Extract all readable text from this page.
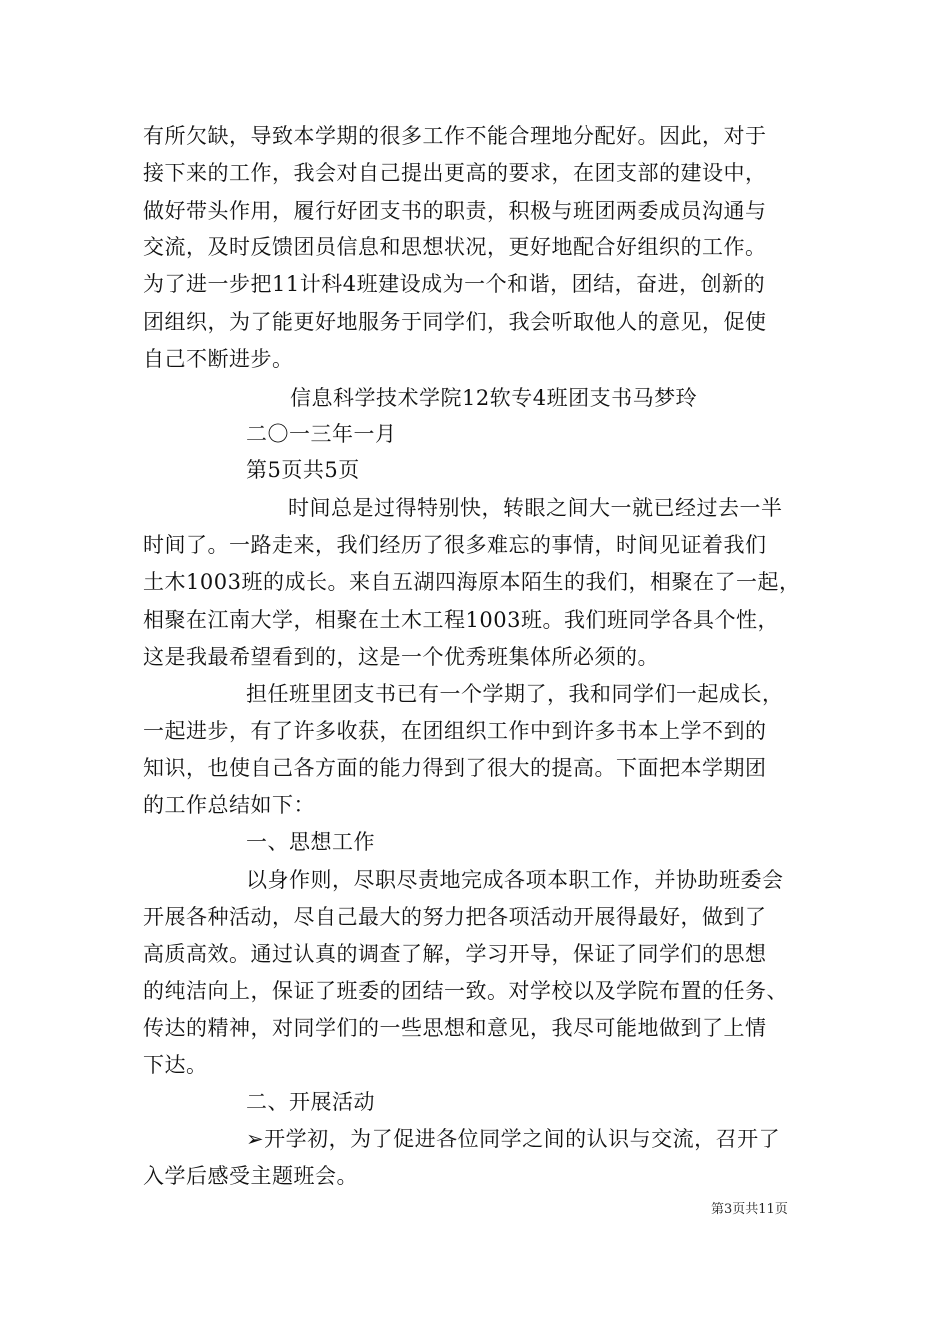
有所欠缺，导致本学期的很多工作不能合理地分配好。因此，对于
接下来的工作，我会对自己提出更高的要求，在团支部的建设中，
做好带头作用，履行好团支书的职责，积极与班团两委成员沟通与
交流，及时反馈团员信息和思想状况，更好地配合好组织的工作。
为了进一步把11计科4班建设成为一个和谐，团结，奋进，创新的
团组织，为了能更好地服务于同学们，我会听取他人的意见，促使
自己不断进步。
信息科学技术学院12软专4班团支书马梦玲
二〇一三年一月
第5页共5页
时间总是过得特别快，转眼之间大一就已经过去一半
时间了。一路走来，我们经历了很多难忘的事情，时间见证着我们
土木1003班的成长。来自五湖四海原本陌生的我们，相聚在了一起，
相聚在江南大学，相聚在土木工程1003班。我们班同学各具个性，
这是我最希望看到的，这是一个优秀班集体所必须的。
担任班里团支书已有一个学期了，我和同学们一起成长，
一起进步，有了许多收获，在团组织工作中到许多书本上学不到的
知识，也使自己各方面的能力得到了很大的提高。下面把本学期团
的工作总结如下：
一、思想工作
以身作则，尽职尽责地完成各项本职工作，并协助班委会
开展各种活动，尽自己最大的努力把各项活动开展得最好，做到了
高质高效。通过认真的调查了解，学习开导，保证了同学们的思想
的纯洁向上，保证了班委的团结一致。对学校以及学院布置的任务、
传达的精神，对同学们的一些思想和意见，我尽可能地做到了上情
下达。
二、开展活动
➢开学初，为了促进各位同学之间的认识与交流，召开了
入学后感受主题班会。
第3页共11页
